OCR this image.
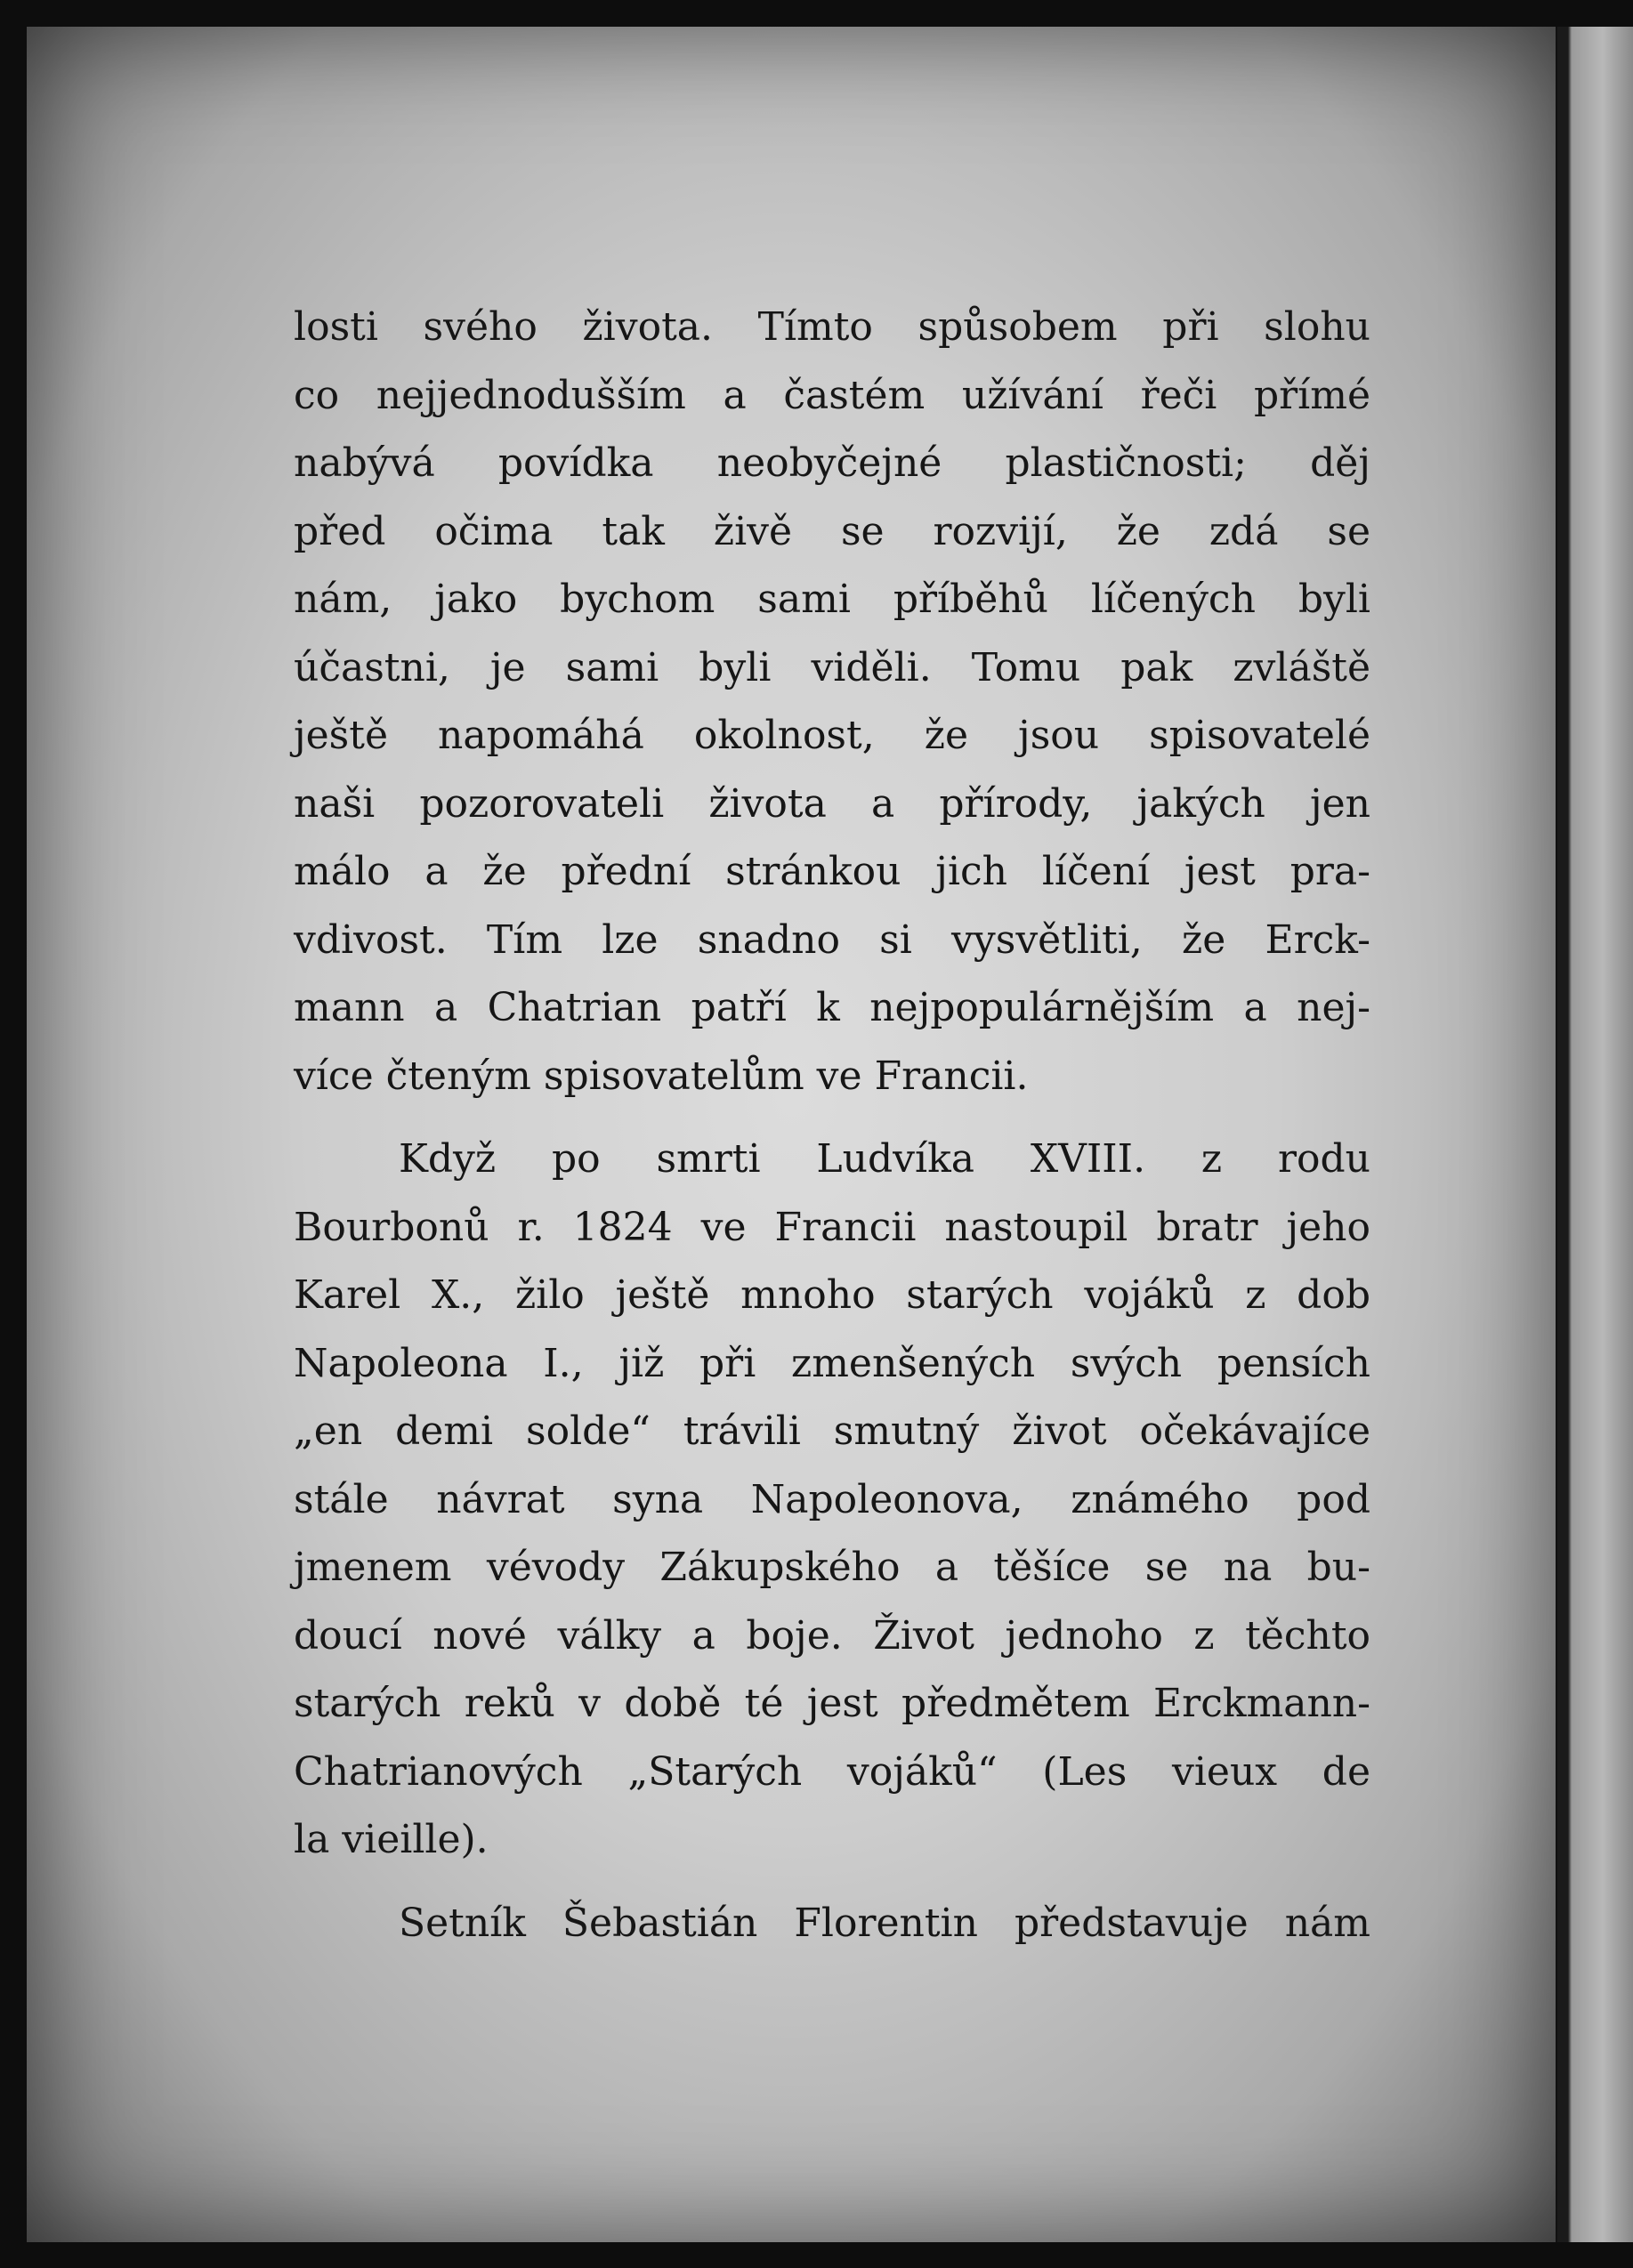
losti svého života. Tímto spůsobem při slohu
co nejjednodušším a častém užívání řeči přímé
nabývá povídka neobyčejné plastičnosti; děj
před očima tak živě se rozvijí, že zdá se
nám, jako bychom sami příběhů líčených byli
účastni, je sami byli viděli. Tomu pak zvláště
ještě napomáhá okolnost, že jsou spisovatelé
naši pozorovateli života a přírody, jakých jen
málo a že přední stránkou jich líčení jest pra-
vdivost. Tím lze snadno si vysvětliti, že Erck-
mann a Chatrian patří k nejpopulárnějším a nej-
více čteným spisovatelům ve Francii.
Když po smrti Ludvíka XVIII. z rodu
Bourbonů r. 1824 ve Francii nastoupil bratr jeho
Karel X., žilo ještě mnoho starých vojáků z dob
Napoleona I., již při zmenšených svých pensích
„en demi solde“ trávili smutný život očekávajíce
stále návrat syna Napoleonova, známého pod
jmenem vévody Zákupského a těšíce se na bu-
doucí nové války a boje. Život jednoho z těchto
starých reků v době té jest předmětem Erckmann-
Chatrianových „Starých vojáků“ (Les vieux de
la vieille).
Setník Šebastián Florentin představuje nám
